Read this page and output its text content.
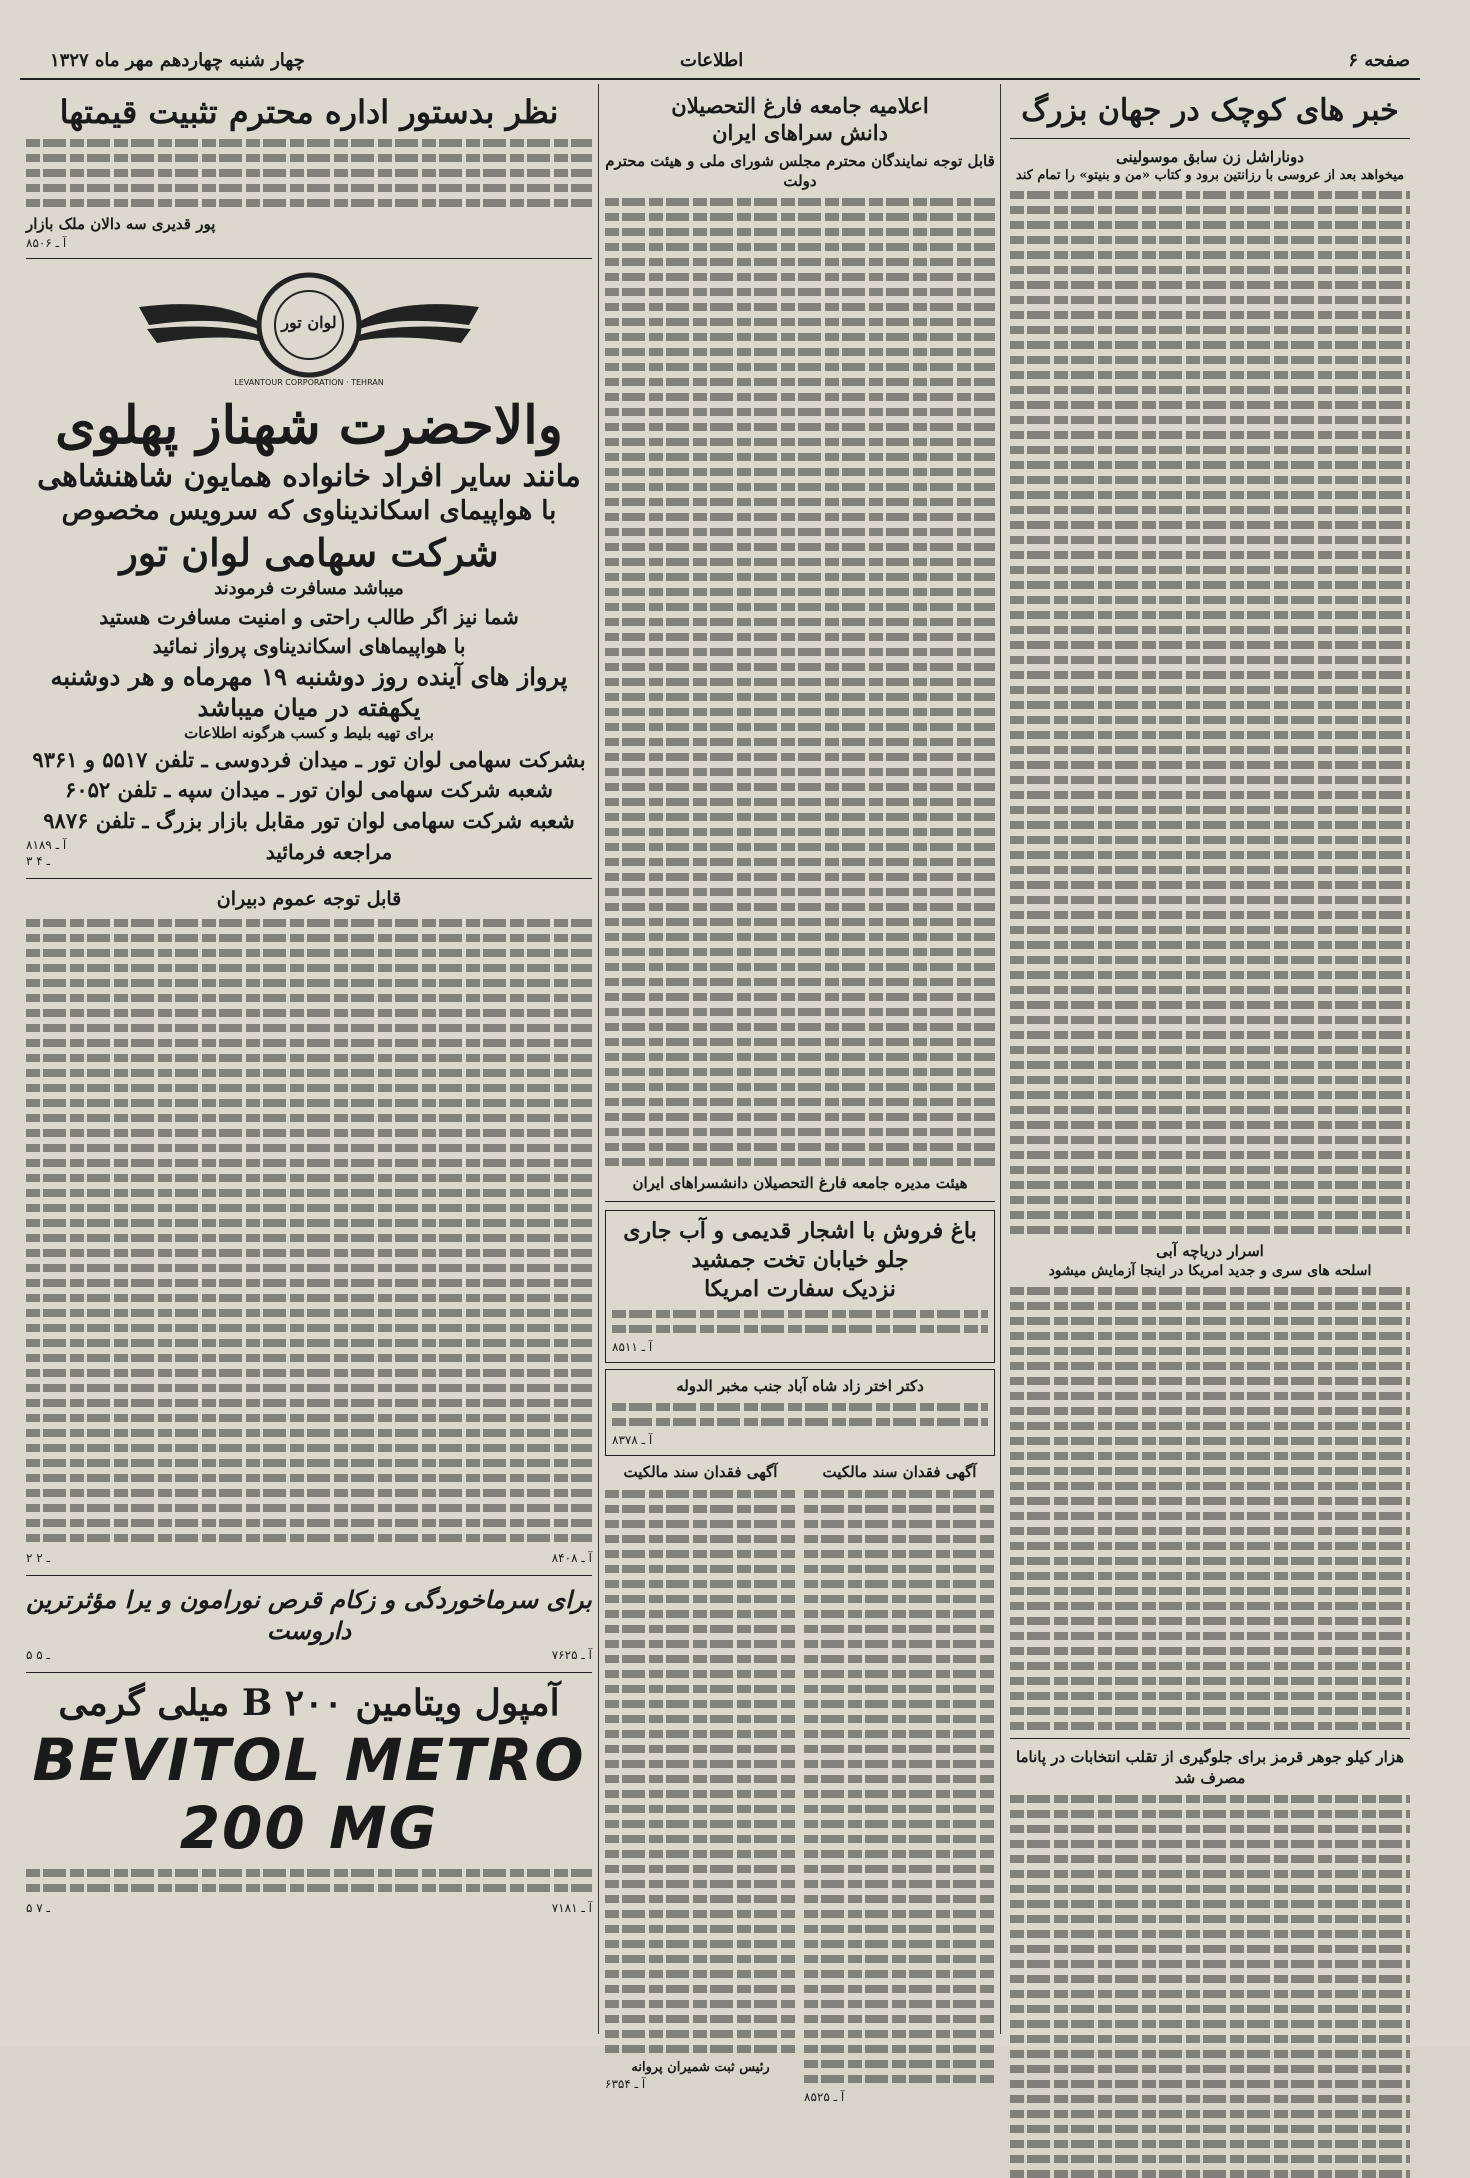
صفحه ۶
اطلاعات
چهار شنبه چهاردهم مهر ماه ۱۳۲۷
خبر های کوچک در جهان بزرگ
دوناراشل زن سابق موسولینی
میخواهد بعد از عروسی با رزانتین برود و کتاب «من و بنیتو» را تمام کند
اسرار دریاچه آبی
اسلحه های سری و جدید امریکا در اینجا آزمایش میشود
هزار کیلو جوهر قرمز برای جلوگیری از تقلب انتخابات در پاناما مصرف شد
اعلامیه جامعه فارغ التحصیلان
دانش سراهای ایران
قابل توجه نمایندگان محترم مجلس شورای ملی و هیئت محترم دولت
هیئت مدیره جامعه فارغ التحصیلان دانشسراهای ایران
باغ فروش با اشجار قدیمی و آب جاری
جلو خیابان تخت جمشید
نزدیک سفارت امریکا
آ ـ ۸۵۱۱
دکتر اختر زاد شاه آباد جنب مخبر الدوله
آ ـ ۸۳۷۸
آگهی فقدان سند مالکیت
آ ـ ۸۵۲۵
آگهی فقدان سند مالکیت
رئیس ثبت شمیران پروانه
آ ـ ۶۳۵۴
نظر بدستور اداره محترم تثبیت قیمتها
پور قدیری سه دالان ملک بازار
آ ـ ۸۵۰۶
لوان تور
LEVANTOUR CORPORATION · TEHRAN
والاحضرت شهناز پهلوی
مانند سایر افراد خانواده همایون شاهنشاهی
با هواپیمای اسکاندیناوی که سرویس مخصوص
شرکت سهامی لوان تور
میباشد مسافرت فرمودند
شما نیز اگر طالب راحتی و امنیت مسافرت هستید
با هواپیماهای اسکاندیناوی پرواز نمائید
پرواز های آینده روز دوشنبه ۱۹ مهرماه و هر دوشنبه
یکهفته در میان میباشد
برای تهیه بلیط و کسب هرگونه اطلاعات
بشرکت سهامی لوان تور ـ میدان فردوسی ـ تلفن ۵۵۱۷ و ۹۳۶۱
شعبه شرکت سهامی لوان تور ـ میدان سپه ـ تلفن ۶۰۵۲
شعبه شرکت سهامی لوان تور مقابل بازار بزرگ ـ تلفن ۹۸۷۶
مراجعه فرمائید
آ ـ ۸۱۸۹
۳ ـ ۴
قابل توجه عموم دبیران
۲ ـ ۲	آ ـ ۸۴۰۸
برای سرماخوردگی و زکام قرص نورامون و یرا مؤثرترین داروست
۵ ـ ۵	آ ـ ۷۶۲۵
آمپول ویتامین B ۲۰۰ میلی گرمی
BEVITOL METRO 200 MG
۵ ـ ۷	آ ـ ۷۱۸۱
